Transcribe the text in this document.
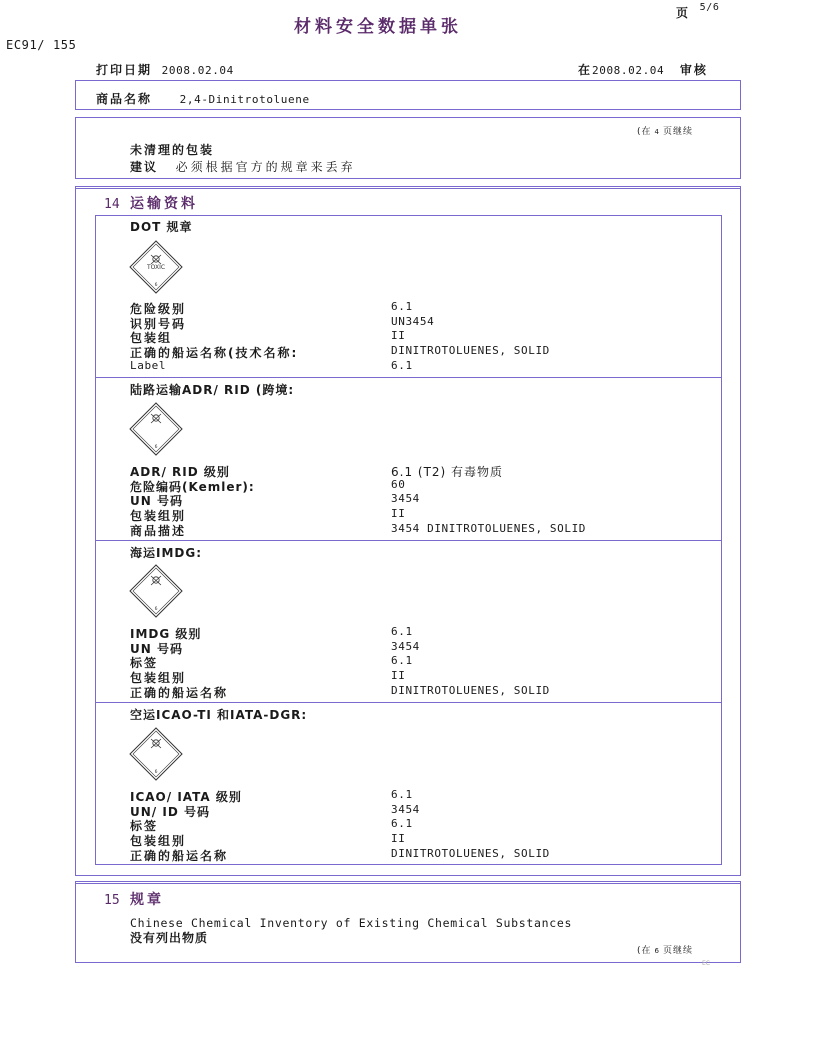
材料安全数据单张
页 $^{5/6}$
EC91/ 155
打印日期 2008.02.04	在2008.02.04 审核
商品名称	2,4-Dinitrotoluene
(在 4 页继续
未清理的包装
建议 必须根据官方的规章来丢弃
14 运输资料
DOT 规章
TOXIC
6
危险级别	6.1
识别号码	UN3454
包装组	II
正确的船运名称(技术名称:	DINITROTOLUENES, SOLID
Label	6.1
陆路运输ADR/ RID (跨境:
6
ADR/ RID 级别	6.1 (T2) 有毒物质
危险编码(Kemler):	60
UN 号码	3454
包装组别	II
商品描述	3454 DINITROTOLUENES, SOLID
海运IMDG:
6
IMDG 级别	6.1
UN 号码	3454
标签	6.1
包装组别	II
正确的船运名称	DINITROTOLUENES, SOLID
空运ICAO-TI 和IATA-DGR:
6
ICAO/ IATA 级别	6.1
UN/ ID 号码	3454
标签	6.1
包装组别	II
正确的船运名称	DINITROTOLUENES, SOLID
15 规章
Chinese Chemical Inventory of Existing Chemical Substances
没有列出物质
(在 6 页继续
EC
